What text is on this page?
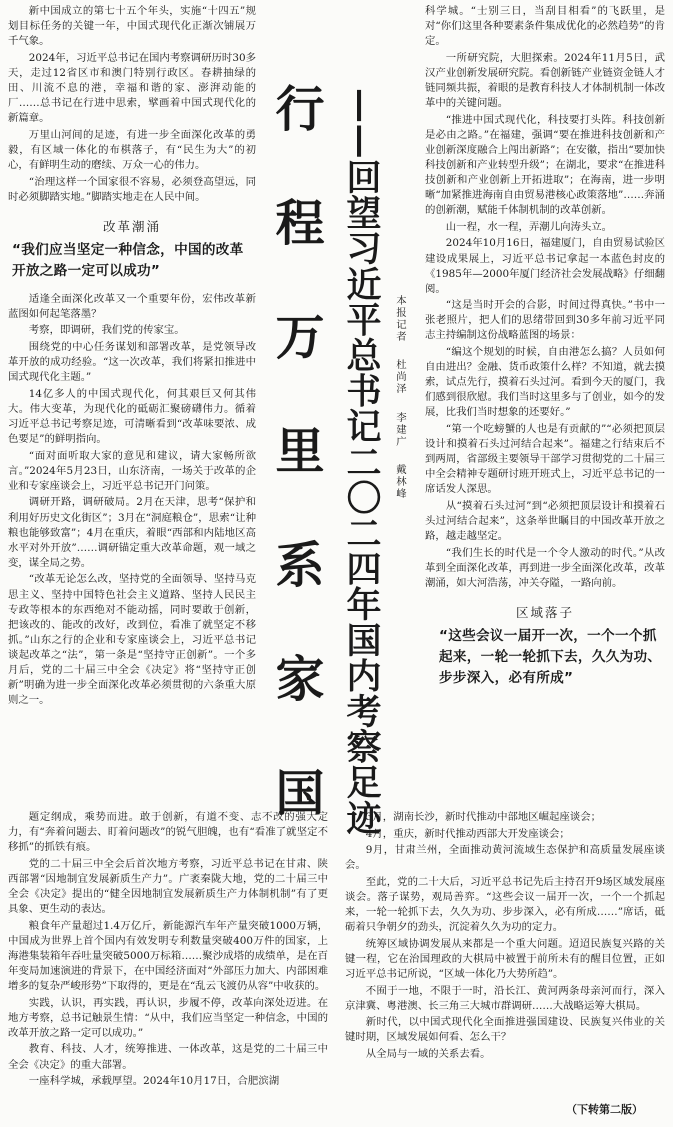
新中国成立的第七十五个年头，实施“十四五”规划目标任务的关键一年，中国式现代化正渐次铺展万千气象。

2024年，习近平总书记在国内考察调研历时30多天，走过12省区市和澳门特别行政区。春耕抽绿的田、川流不息的港，幸福和谐的家、澎湃动能的厂……总书记在行进中思索，擘画着中国式现代化的新篇章。

万里山河间的足迹，有进一步全面深化改革的勇毅，有区域一体化的布棋落子，有“民生为大”的初心，有鲜明生动的磨续、万众一心的伟力。

“治理这样一个国家很不容易，必须登高望远，同时必须脚踏实地。”脚踏实地走在人民中间。

改革潮涌
“我们应当坚定一种信念，中国的改革开放之路一定可以成功”

适逢全面深化改革又一个重要年份，宏伟改革新蓝图如何起笔落墨？

考察，即调研，我们党的传家宝。

围绕党的中心任务谋划和部署改革，是党领导改革开放的成功经验。“这一次改革，我们将紧扣推进中国式现代化主题。”

14亿多人的中国式现代化，何其艰巨又何其伟大。伟大变革，为现代化的砥砺汇聚磅礴伟力。循着习近平总书记考察足迹，可清晰看到“改革味要浓、成色要足”的鲜明指向。

“面对面听取大家的意见和建议，请大家畅所欲言。”2024年5月23日，山东济南，一场关于改革的企业和专家座谈会上，习近平总书记开门问策。

调研开路，调研破局。2月在天津，思考“保护和利用好历史文化街区”；3月在“洞庭粮仓”，思索“让种粮也能够致富”；4月在重庆，着眼“西部和内陆地区高水平对外开放”……调研锚定重大改革命题，观一域之变，谋全局之势。

“改革无论怎么改，坚持党的全面领导、坚持马克思主义、坚持中国特色社会主义道路、坚持人民民主专政等根本的东西绝对不能动摇，同时要敢于创新，把该改的、能改的改好，改到位，看准了就坚定不移抓。”山东之行的企业和专家座谈会上，习近平总书记谈起改革之“法”，第一条是“坚持守正创新”。一个多月后，党的二十届三中全会《决定》将“坚持守正创新”明确为进一步全面深化改革必须贯彻的六条重大原则之一。

行
程
万
里
系
家
国 ——回望习近平总书记二〇二四年国内考察足迹	本报记者 杜尚泽 李建广 戴林峰

科学城。“士别三日，当刮目相看”的飞跃里，是对“你们这里各种要素条件集成优化的必然趋势”的肯定。

一所研究院，大胆探索。2024年11月5日，武汉产业创新发展研究院。看创新链产业链资金链人才链同频共振，着眼的是教育科技人才体制机制一体改革中的关键问题。

“推进中国式现代化，科技要打头阵。科技创新是必由之路。”在福建，强调“要在推进科技创新和产业创新深度融合上闯出新路”；在安徽，指出“要加快科技创新和产业转型升级”；在湖北，要求“在推进科技创新和产业创新上开拓进取”；在海南，进一步明晰“加紧推进海南自由贸易港核心政策落地”……奔涌的创新潮，赋能千体制机制的改革创新。

山一程，水一程，弄潮儿向涛头立。

2024年10月16日，福建厦门，自由贸易试验区建设成果展上，习近平总书记拿起一本蓝色封皮的《1985年—2000年厦门经济社会发展战略》仔细翻阅。

“这是当时开会的合影，时间过得真快。”书中一张老照片，把人们的思绪带回到30多年前习近平同志主持编制这份战略蓝图的场景：

“编这个规划的时候，自由港怎么搞？人员如何自由进出？金融、货币政策什么样？不知道，就去摸索，试点先行，摸着石头过河。看到今天的厦门，我们感到很欣慰。我们当时这里多与了创业，如今的发展，比我们当时想象的还要好。”

“第一个吃螃蟹的人也是有贡献的”“必须把顶层设计和摸着石头过河结合起来”。福建之行结束后不到两周，省部级主要领导干部学习贯彻党的二十届三中全会精神专题研讨班开班式上，习近平总书记的一席话发人深思。

从“摸着石头过河”到“必须把顶层设计和摸着石头过河结合起来”，这条举世瞩目的中国改革开放之路，越走越坚定。

“我们生长的时代是一个令人激动的时代。”从改革到全面深化改革，再到进一步全面深化改革，改革潮涌，如大河浩荡，冲关夺隘，一路向前。

区域落子
“这些会议一届开一次，一个一个抓起来，一轮一轮抓下去，久久为功、步步深入，必有所成”

题定纲成，乘势而进。敢于创新，有道不变、志不改的强大定力，有“奔着问题去、盯着问题改”的锐气胆魄，也有“看准了就坚定不移抓”的抓铁有痕。

党的二十届三中全会后首次地方考察，习近平总书记在甘肃、陕西部署“因地制宜发展新质生产力”。广袤秦陇大地，党的二十届三中全会《决定》提出的“健全因地制宜发展新质生产力体制机制”有了更具象、更生动的表达。

粮食年产量超过1.4万亿斤，新能源汽车年产量突破1000万辆，中国成为世界上首个国内有效发明专利数量突破400万件的国家，上海港集装箱年吞吐量突破5000万标箱……聚沙成塔的成绩单，是在百年变局加速演进的背景下，在中国经济面对“外部压力加大、内部困难增多的复杂严峻形势”下取得的，更是在“乱云飞渡仍从容”中收获的。

实践，认识，再实践，再认识，步履不停，改革向深处迈进。在地方考察，总书记触景生情：“从中，我们应当坚定一种信念，中国的改革开放之路一定可以成功。”

教育、科技、人才，统筹推进、一体改革，这是党的二十届三中全会《决定》的重大部署。

一座科学城，承载厚望。2024年10月17日，合肥滨湖

3月，湖南长沙，新时代推动中部地区崛起座谈会；

4月，重庆，新时代推动西部大开发座谈会；

9月，甘肃兰州，全面推动黄河流域生态保护和高质量发展座谈会。

至此，党的二十大后，习近平总书记先后主持召开9场区域发展座谈会。落子谋势，观局善弈。“这些会议一届开一次，一个一个抓起来，一轮一轮抓下去，久久为功、步步深入，必有所成……”席话，砥砺着只争朝夕的劲头，沉淀着久久为功的定力。

统筹区域协调发展从来都是一个重大问题。迢迢民族复兴路的关键一程，它在治国理政的大棋局中被置于前所未有的醒目位置，正如习近平总书记所说，“区域一体化乃大势所趋”。

不囿于一地，不限于一时，沿长江、黄河两条母亲河而行，深入京津冀、粤港澳、长三角三大城市群调研……大战略运筹大棋局。

新时代，以中国式现代化全面推进强国建设、民族复兴伟业的关键时期，区域发展如何看、怎么干？

从全局与一域的关系去看。

（下转第二版）
